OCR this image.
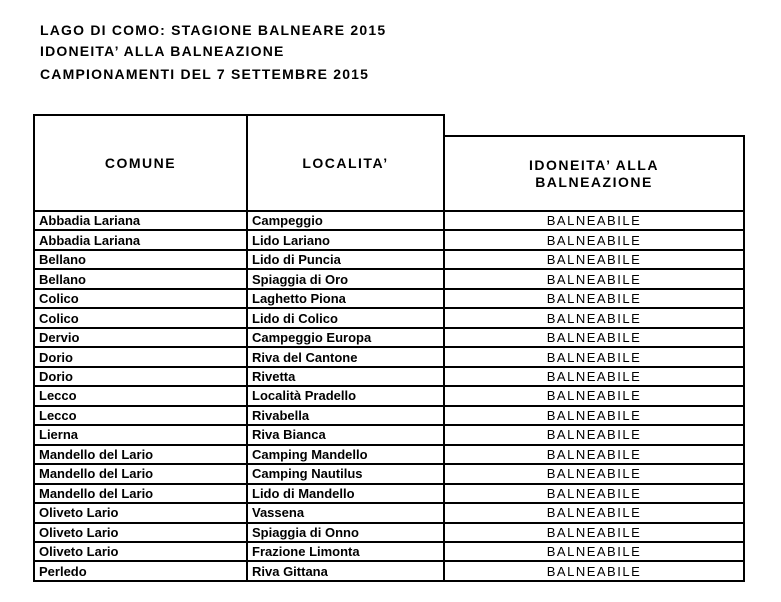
LAGO DI COMO: STAGIONE BALNEARE 2015
IDONEITA’ ALLA BALNEAZIONE
CAMPIONAMENTI DEL 7 SETTEMBRE 2015
COMUNE	LOCALITA’	IDONEITA’ ALLA BALNEAZIONE
Abbadia Lariana	Campeggio	BALNEABILE
Abbadia Lariana	Lido Lariano	BALNEABILE
Bellano	Lido di Puncia	BALNEABILE
Bellano	Spiaggia di Oro	BALNEABILE
Colico	Laghetto Piona	BALNEABILE
Colico	Lido di Colico	BALNEABILE
Dervio	Campeggio Europa	BALNEABILE
Dorio	Riva del Cantone	BALNEABILE
Dorio	Rivetta	BALNEABILE
Lecco	Località Pradello	BALNEABILE
Lecco	Rivabella	BALNEABILE
Lierna	Riva Bianca	BALNEABILE
Mandello del Lario	Camping Mandello	BALNEABILE
Mandello del Lario	Camping Nautilus	BALNEABILE
Mandello del Lario	Lido di Mandello	BALNEABILE
Oliveto Lario	Vassena	BALNEABILE
Oliveto Lario	Spiaggia di Onno	BALNEABILE
Oliveto Lario	Frazione Limonta	BALNEABILE
Perledo	Riva Gittana	BALNEABILE
